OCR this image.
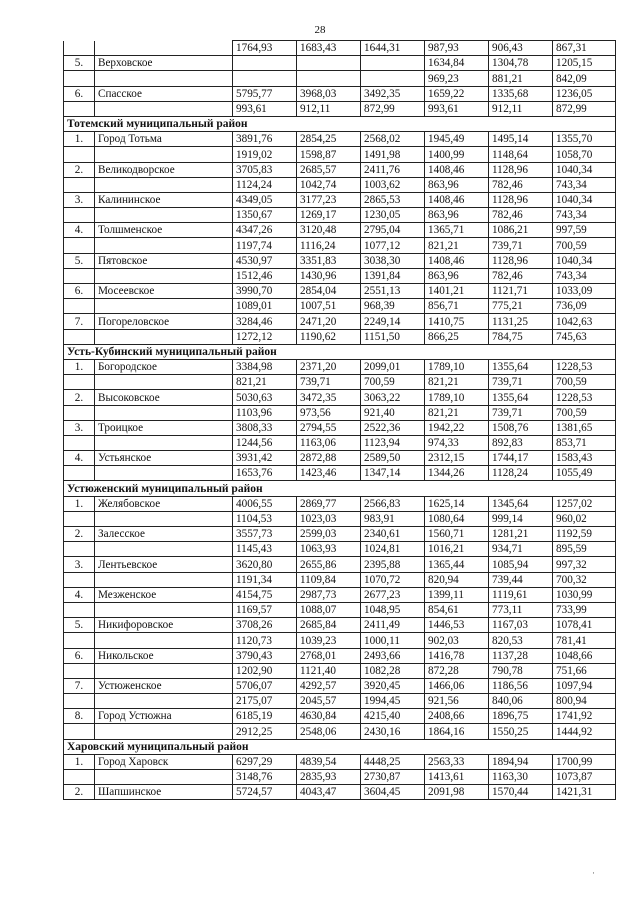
28
		1764,93	1683,43	1644,31	987,93	906,43	867,31
5.	Верховское				1634,84	1304,78	1205,15
					969,23	881,21	842,09
6.	Спасское	5795,77	3968,03	3492,35	1659,22	1335,68	1236,05
		993,61	912,11	872,99	993,61	912,11	872,99
Тотемский муниципальный район							
1.	Город Тотьма	3891,76	2854,25	2568,02	1945,49	1495,14	1355,70
		1919,02	1598,87	1491,98	1400,99	1148,64	1058,70
2.	Великодворское	3705,83	2685,57	2411,76	1408,46	1128,96	1040,34
		1124,24	1042,74	1003,62	863,96	782,46	743,34
3.	Калининское	4349,05	3177,23	2865,53	1408,46	1128,96	1040,34
		1350,67	1269,17	1230,05	863,96	782,46	743,34
4.	Толшменское	4347,26	3120,48	2795,04	1365,71	1086,21	997,59
		1197,74	1116,24	1077,12	821,21	739,71	700,59
5.	Пятовское	4530,97	3351,83	3038,30	1408,46	1128,96	1040,34
		1512,46	1430,96	1391,84	863,96	782,46	743,34
6.	Мосеевское	3990,70	2854,04	2551,13	1401,21	1121,71	1033,09
		1089,01	1007,51	968,39	856,71	775,21	736,09
7.	Погореловское	3284,46	2471,20	2249,14	1410,75	1131,25	1042,63
		1272,12	1190,62	1151,50	866,25	784,75	745,63
Усть-Кубинский муниципальный район							
1.	Богородское	3384,98	2371,20	2099,01	1789,10	1355,64	1228,53
		821,21	739,71	700,59	821,21	739,71	700,59
2.	Высоковское	5030,63	3472,35	3063,22	1789,10	1355,64	1228,53
		1103,96	973,56	921,40	821,21	739,71	700,59
3.	Троицкое	3808,33	2794,55	2522,36	1942,22	1508,76	1381,65
		1244,56	1163,06	1123,94	974,33	892,83	853,71
4.	Устьянское	3931,42	2872,88	2589,50	2312,15	1744,17	1583,43
		1653,76	1423,46	1347,14	1344,26	1128,24	1055,49
Устюженский муниципальный район							
1.	Желябовское	4006,55	2869,77	2566,83	1625,14	1345,64	1257,02
		1104,53	1023,03	983,91	1080,64	999,14	960,02
2.	Залесское	3557,73	2599,03	2340,61	1560,71	1281,21	1192,59
		1145,43	1063,93	1024,81	1016,21	934,71	895,59
3.	Лентьевское	3620,80	2655,86	2395,88	1365,44	1085,94	997,32
		1191,34	1109,84	1070,72	820,94	739,44	700,32
4.	Мезженское	4154,75	2987,73	2677,23	1399,11	1119,61	1030,99
		1169,57	1088,07	1048,95	854,61	773,11	733,99
5.	Никифоровское	3708,26	2685,84	2411,49	1446,53	1167,03	1078,41
		1120,73	1039,23	1000,11	902,03	820,53	781,41
6.	Никольское	3790,43	2768,01	2493,66	1416,78	1137,28	1048,66
		1202,90	1121,40	1082,28	872,28	790,78	751,66
7.	Устюженское	5706,07	4292,57	3920,45	1466,06	1186,56	1097,94
		2175,07	2045,57	1994,45	921,56	840,06	800,94
8.	Город Устюжна	6185,19	4630,84	4215,40	2408,66	1896,75	1741,92
		2912,25	2548,06	2430,16	1864,16	1550,25	1444,92
Харовский муниципальный район							
1.	Город Харовск	6297,29	4839,54	4448,25	2563,33	1894,94	1700,99
		3148,76	2835,93	2730,87	1413,61	1163,30	1073,87
2.	Шапшинское	5724,57	4043,47	3604,45	2091,98	1570,44	1421,31
·
